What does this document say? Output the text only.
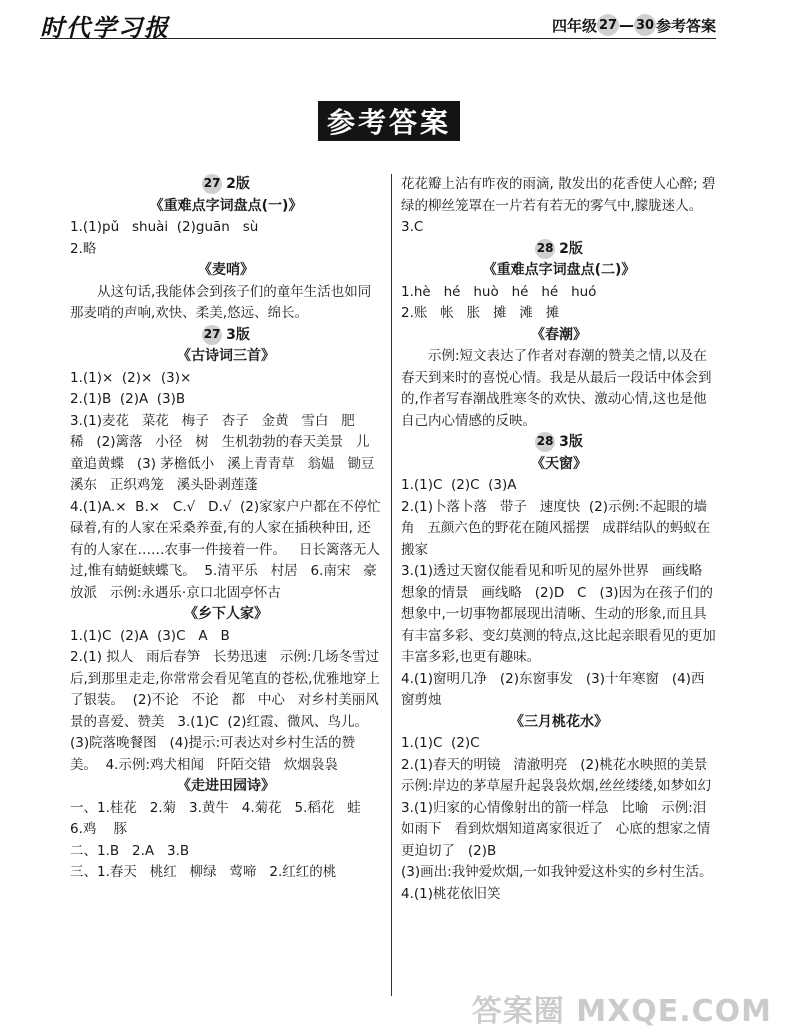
时代学习报	四年级 27 — 30 参考答案
参考答案

27 2版

《重难点字词盘点(一)》

1.(1)pǔ   shuài  (2)guān   sù

2.略

《麦哨》

从这句话,我能体会到孩子们的童年生活也如同那麦哨的声响,欢快、柔美,悠远、绵长。

27 3版

《古诗词三首》

1.(1)×  (2)×  (3)×

2.(1)B  (2)A  (3)B

3.(1)麦花   菜花   梅子   杏子   金黄   雪白   肥    稀   (2)篱落   小径   树   生机勃勃的春天美景   儿童追黄蝶   (3) 茅檐低小   溪上青青草   翁媪   锄豆溪东   正织鸡笼   溪头卧剥莲蓬

4.(1)A.×  B.×   C.√   D.√  (2)家家户户都在不停忙碌着,有的人家在采桑养蚕,有的人家在插秧种田, 还有的人家在……农事一件接着一件。   日长篱落无人过,惟有蜻蜓蛱蝶飞。  5.清平乐   村居   6.南宋   豪放派   示例:永遇乐·京口北固亭怀古

《乡下人家》

1.(1)C  (2)A  (3)C   A   B

2.(1) 拟人   雨后春笋   长势迅速   示例:几场冬雪过后,到那里走走,你常常会看见笔直的苍松,优雅地穿上了银装。  (2)不论   不论   都   中心   对乡村美丽风景的喜爱、赞美   3.(1)C  (2)红霞、微风、鸟儿。 (3)院落晚餐图   (4)提示:可表达对乡村生活的赞美。  4.示例:鸡犬相闻   阡陌交错   炊烟袅袅

《走进田园诗》

一、1.桂花   2.菊   3.黄牛   4.菊花   5.稻花   蛙   6.鸡    豚

二、1.B   2.A   3.B

三、1.春天   桃红   柳绿   莺啼   2.红红的桃

花花瓣上沾有昨夜的雨滴, 散发出的花香使人心醉; 碧绿的柳丝笼罩在一片若有若无的雾气中,朦胧迷人。   3.C

28 2版

《重难点字词盘点(二)》

1.hè   hé   huò   hé   hé   huó

2.账   帐   胀   摊   滩   摊

《春潮》

示例:短文表达了作者对春潮的赞美之情,以及在春天到来时的喜悦心情。我是从最后一段话中体会到的,作者写春潮战胜寒冬的欢快、激动心情,这也是他自己内心情感的反映。

28 3版

《天窗》

1.(1)C  (2)C  (3)A

2.(1)卜落卜落   带子   速度快  (2)示例:不起眼的墙角   五颜六色的野花在随风摇摆   成群结队的蚂蚁在搬家

3.(1)透过天窗仅能看见和听见的屋外世界   画线略   想象的情景   画线略   (2)D   C   (3)因为在孩子们的想象中,一切事物都展现出清晰、生动的形象,而且具有丰富多彩、变幻莫测的特点,这比起亲眼看见的更加丰富多彩,也更有趣味。

4.(1)窗明几净   (2)东窗事发   (3)十年寒窗   (4)西窗剪烛

《三月桃花水》

1.(1)C  (2)C

2.(1)春天的明镜   清澈明亮   (2)桃花水映照的美景   示例:岸边的茅草屋升起袅袅炊烟,丝丝缕缕,如梦如幻

3.(1)归家的心情像射出的箭一样急   比喻   示例:泪如雨下   看到炊烟知道离家很近了   心底的想家之情更迫切了   (2)B

(3)画出:我钟爱炊烟,一如我钟爱这朴实的乡村生活。   4.(1)桃花依旧笑

答案圈 MXQE.COM
